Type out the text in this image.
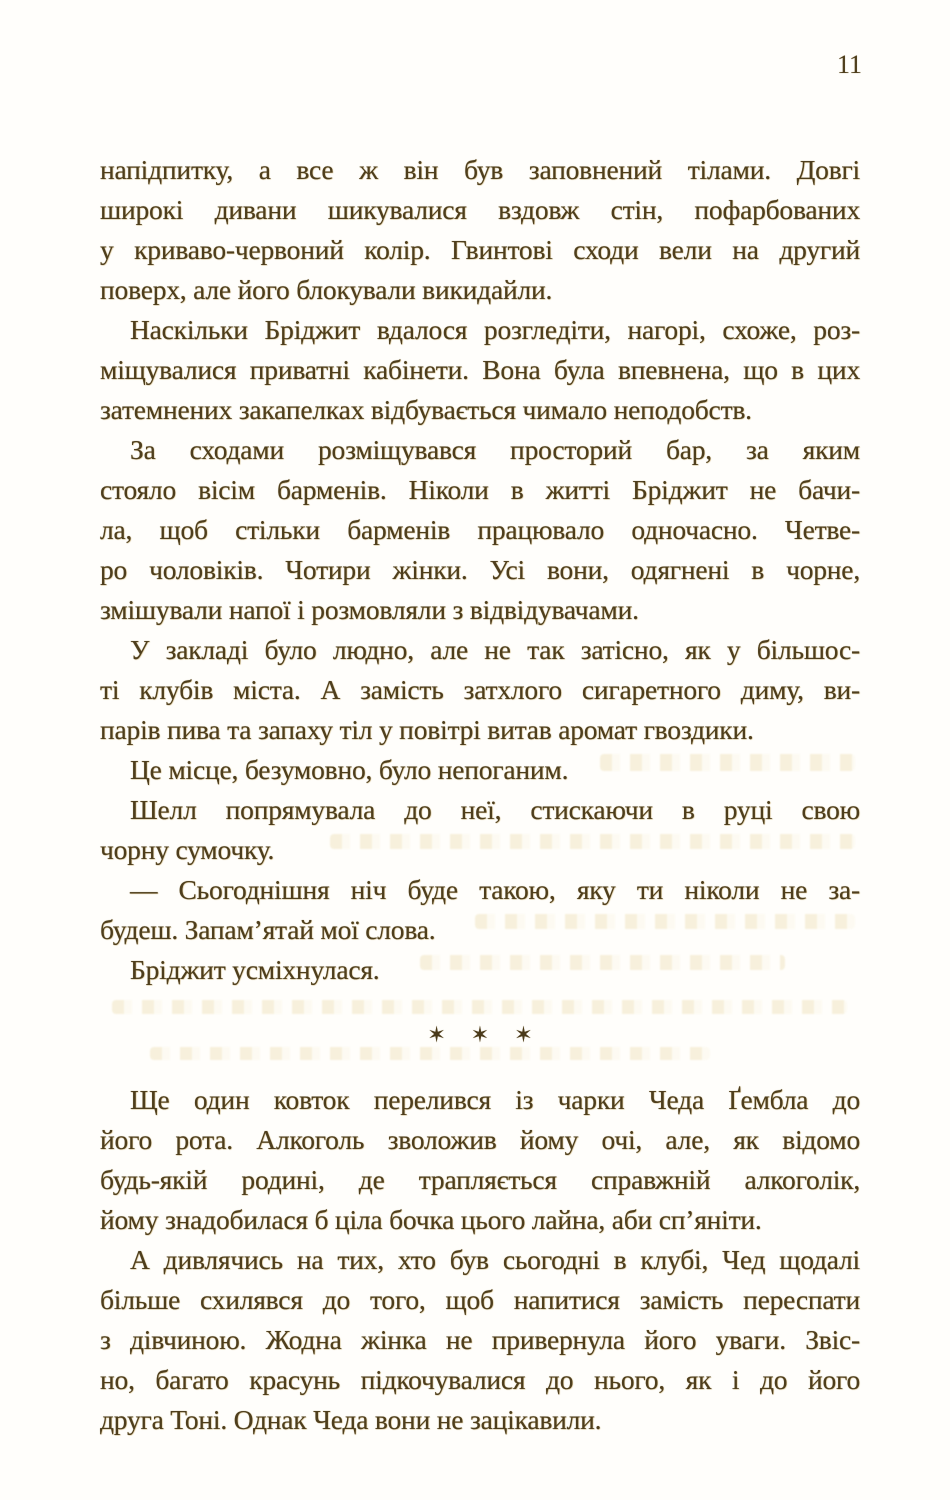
11

напідпитку, а все ж він був заповнений тілами. Довгі
широкі дивани шикувалися вздовж стін, пофарбованих
у криваво-червоний колір. Гвинтові сходи вели на другий
поверх, але його блокували викидайли.

Наскільки Бріджит вдалося розгледіти, нагорі, схоже, роз-
міщувалися приватні кабінети. Вона була впевнена, що в цих
затемнених закапелках відбувається чимало неподобств.

За сходами розміщувався просторий бар, за яким
стояло вісім барменів. Ніколи в житті Бріджит не бачи-
ла, щоб стільки барменів працювало одночасно. Четве-
ро чоловіків. Чотири жінки. Усі вони, одягнені в чорне,
змішували напої і розмовляли з відвідувачами.

У закладі було людно, але не так затісно, як у більшос-
ті клубів міста. А замість затхлого сигаретного диму, ви-
парів пива та запаху тіл у повітрі витав аромат гвоздики.

Це місце, безумовно, було непоганим.

Шелл попрямувала до неї, стискаючи в руці свою
чорну сумочку.

— Сьогоднішня ніч буде такою, яку ти ніколи не за-
будеш. Запам’ятай мої слова.

Бріджит усміхнулася.

✶ ✶ ✶

Ще один ковток перелився із чарки Чеда Ґембла до
його рота. Алкоголь зволожив йому очі, але, як відомо
будь-якій родині, де трапляється справжній алкоголік,
йому знадобилася б ціла бочка цього лайна, аби сп’яніти.

А дивлячись на тих, хто був сьогодні в клубі, Чед щодалі
більше схилявся до того, щоб напитися замість переспати
з дівчиною. Жодна жінка не привернула його уваги. Звіс-
но, багато красунь підкочувалися до нього, як і до його
друга Тоні. Однак Чеда вони не зацікавили.
